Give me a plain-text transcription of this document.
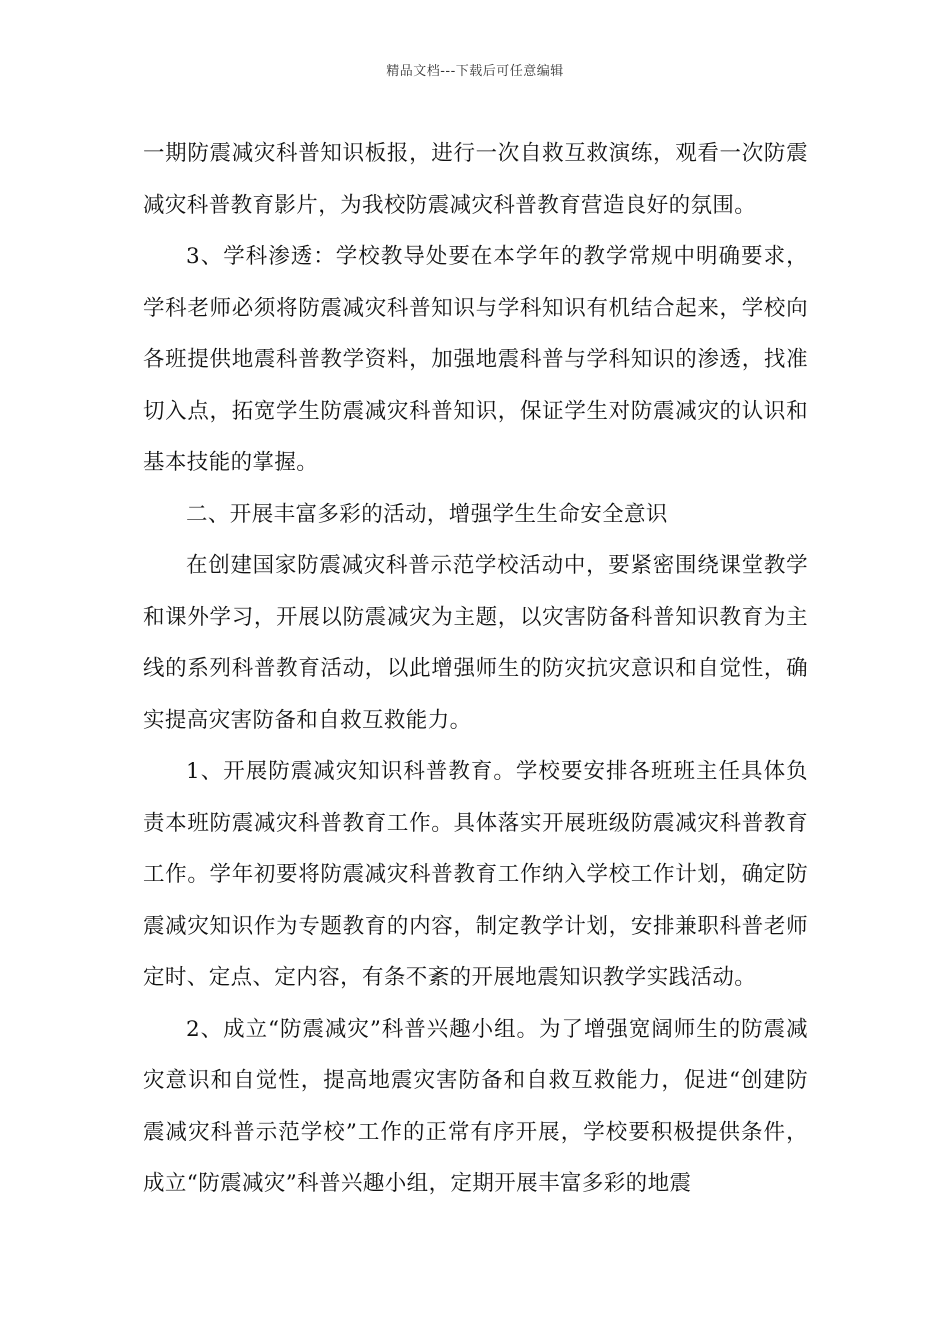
精品文档---下载后可任意编辑

一期防震减灾科普知识板报，进行一次自救互救演练，观看一次防震减灾科普教育影片，为我校防震减灾科普教育营造良好的氛围。

3、学科渗透：学校教导处要在本学年的教学常规中明确要求，学科老师必须将防震减灾科普知识与学科知识有机结合起来，学校向各班提供地震科普教学资料，加强地震科普与学科知识的渗透，找准切入点，拓宽学生防震减灾科普知识，保证学生对防震减灾的认识和基本技能的掌握。

二、开展丰富多彩的活动，增强学生生命安全意识

在创建国家防震减灾科普示范学校活动中，要紧密围绕课堂教学和课外学习，开展以防震减灾为主题，以灾害防备科普知识教育为主线的系列科普教育活动，以此增强师生的防灾抗灾意识和自觉性，确实提高灾害防备和自救互救能力。

1、开展防震减灾知识科普教育。学校要安排各班班主任具体负责本班防震减灾科普教育工作。具体落实开展班级防震减灾科普教育工作。学年初要将防震减灾科普教育工作纳入学校工作计划，确定防震减灾知识作为专题教育的内容，制定教学计划，安排兼职科普老师定时、定点、定内容，有条不紊的开展地震知识教学实践活动。

2、成立“防震减灾”科普兴趣小组。为了增强宽阔师生的防震减灾意识和自觉性，提高地震灾害防备和自救互救能力，促进“创建防震减灾科普示范学校”工作的正常有序开展，学校要积极提供条件，成立“防震减灾”科普兴趣小组，定期开展丰富多彩的地震
